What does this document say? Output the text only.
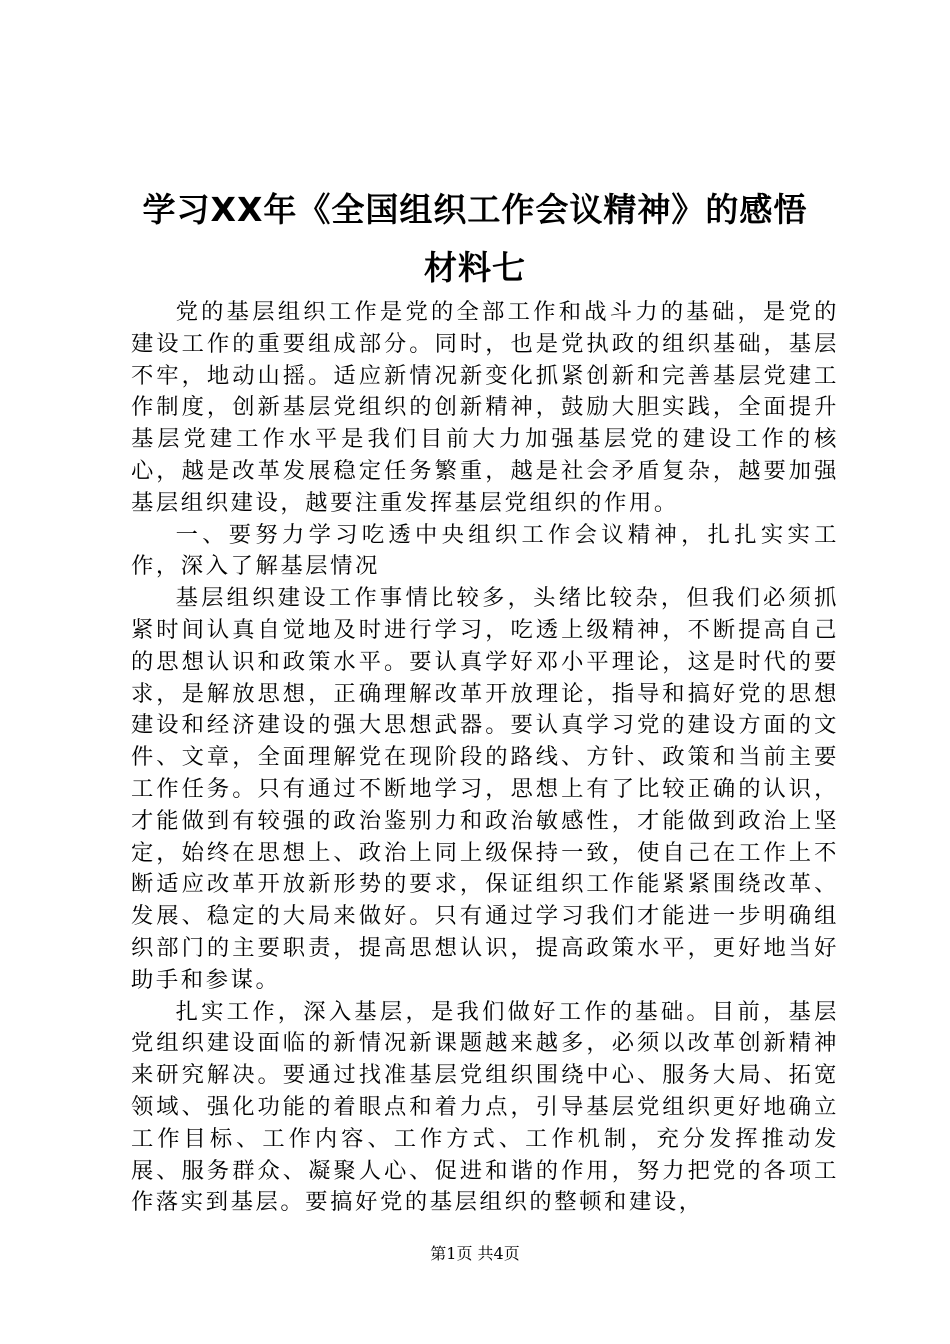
学习XX年《全国组织工作会议精神》的感悟
材料七

党的基层组织工作是党的全部工作和战斗力的基础，是党的建设工作的重要组成部分。同时，也是党执政的组织基础，基层不牢，地动山摇。适应新情况新变化抓紧创新和完善基层党建工作制度，创新基层党组织的创新精神，鼓励大胆实践，全面提升基层党建工作水平是我们目前大力加强基层党的建设工作的核心，越是改革发展稳定任务繁重，越是社会矛盾复杂，越要加强基层组织建设，越要注重发挥基层党组织的作用。

一、要努力学习吃透中央组织工作会议精神，扎扎实实工作，深入了解基层情况

基层组织建设工作事情比较多，头绪比较杂，但我们必须抓紧时间认真自觉地及时进行学习，吃透上级精神，不断提高自己的思想认识和政策水平。要认真学好邓小平理论，这是时代的要求，是解放思想，正确理解改革开放理论，指导和搞好党的思想建设和经济建设的强大思想武器。要认真学习党的建设方面的文件、文章，全面理解党在现阶段的路线、方针、政策和当前主要工作任务。只有通过不断地学习，思想上有了比较正确的认识，才能做到有较强的政治鉴别力和政治敏感性，才能做到政治上坚定，始终在思想上、政治上同上级保持一致，使自己在工作上不断适应改革开放新形势的要求，保证组织工作能紧紧围绕改革、发展、稳定的大局来做好。只有通过学习我们才能进一步明确组织部门的主要职责，提高思想认识，提高政策水平，更好地当好助手和参谋。

扎实工作，深入基层，是我们做好工作的基础。目前，基层党组织建设面临的新情况新课题越来越多，必须以改革创新精神来研究解决。要通过找准基层党组织围绕中心、服务大局、拓宽领域、强化功能的着眼点和着力点，引导基层党组织更好地确立工作目标、工作内容、工作方式、工作机制，充分发挥推动发展、服务群众、凝聚人心、促进和谐的作用，努力把党的各项工作落实到基层。要搞好党的基层组织的整顿和建设，

第1页 共4页
